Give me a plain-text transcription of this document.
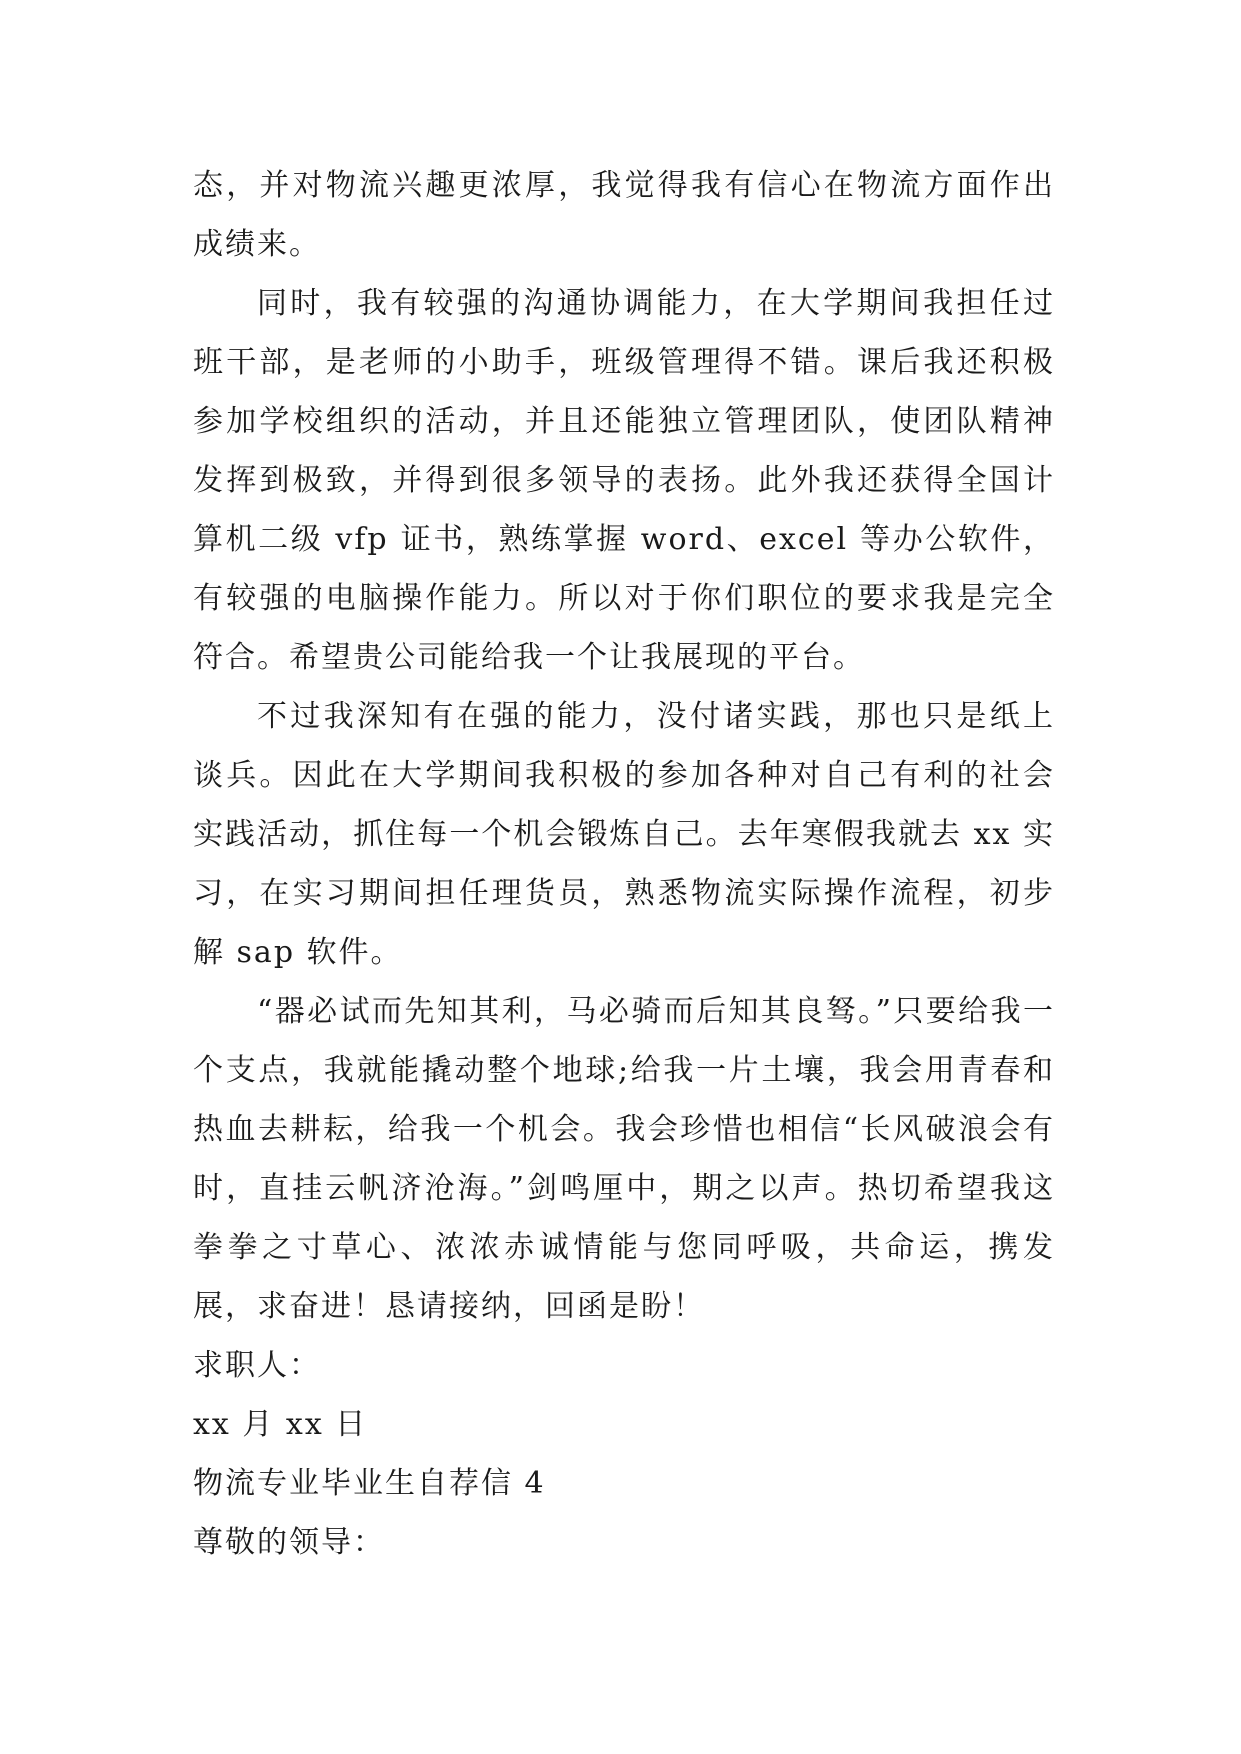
态，并对物流兴趣更浓厚，我觉得我有信心在物流方面作出成绩来。

同时，我有较强的沟通协调能力，在大学期间我担任过班干部，是老师的小助手，班级管理得不错。课后我还积极参加学校组织的活动，并且还能独立管理团队，使团队精神发挥到极致，并得到很多领导的表扬。此外我还获得全国计算机二级 vfp 证书，熟练掌握 word、excel 等办公软件，有较强的电脑操作能力。所以对于你们职位的要求我是完全符合。希望贵公司能给我一个让我展现的平台。

不过我深知有在强的能力，没付诸实践，那也只是纸上谈兵。因此在大学期间我积极的参加各种对自己有利的社会实践活动，抓住每一个机会锻炼自己。去年寒假我就去 xx 实习，在实习期间担任理货员，熟悉物流实际操作流程，初步解 sap 软件。

“器必试而先知其利，马必骑而后知其良驽。”只要给我一个支点，我就能撬动整个地球;给我一片土壤，我会用青春和热血去耕耘，给我一个机会。我会珍惜也相信“长风破浪会有时，直挂云帆济沧海。”剑鸣厘中，期之以声。热切希望我这拳拳之寸草心、浓浓赤诚情能与您同呼吸，共命运，携发展，求奋进！恳请接纳，回函是盼！

求职人：

xx 月 xx 日

物流专业毕业生自荐信 4

尊敬的领导：
